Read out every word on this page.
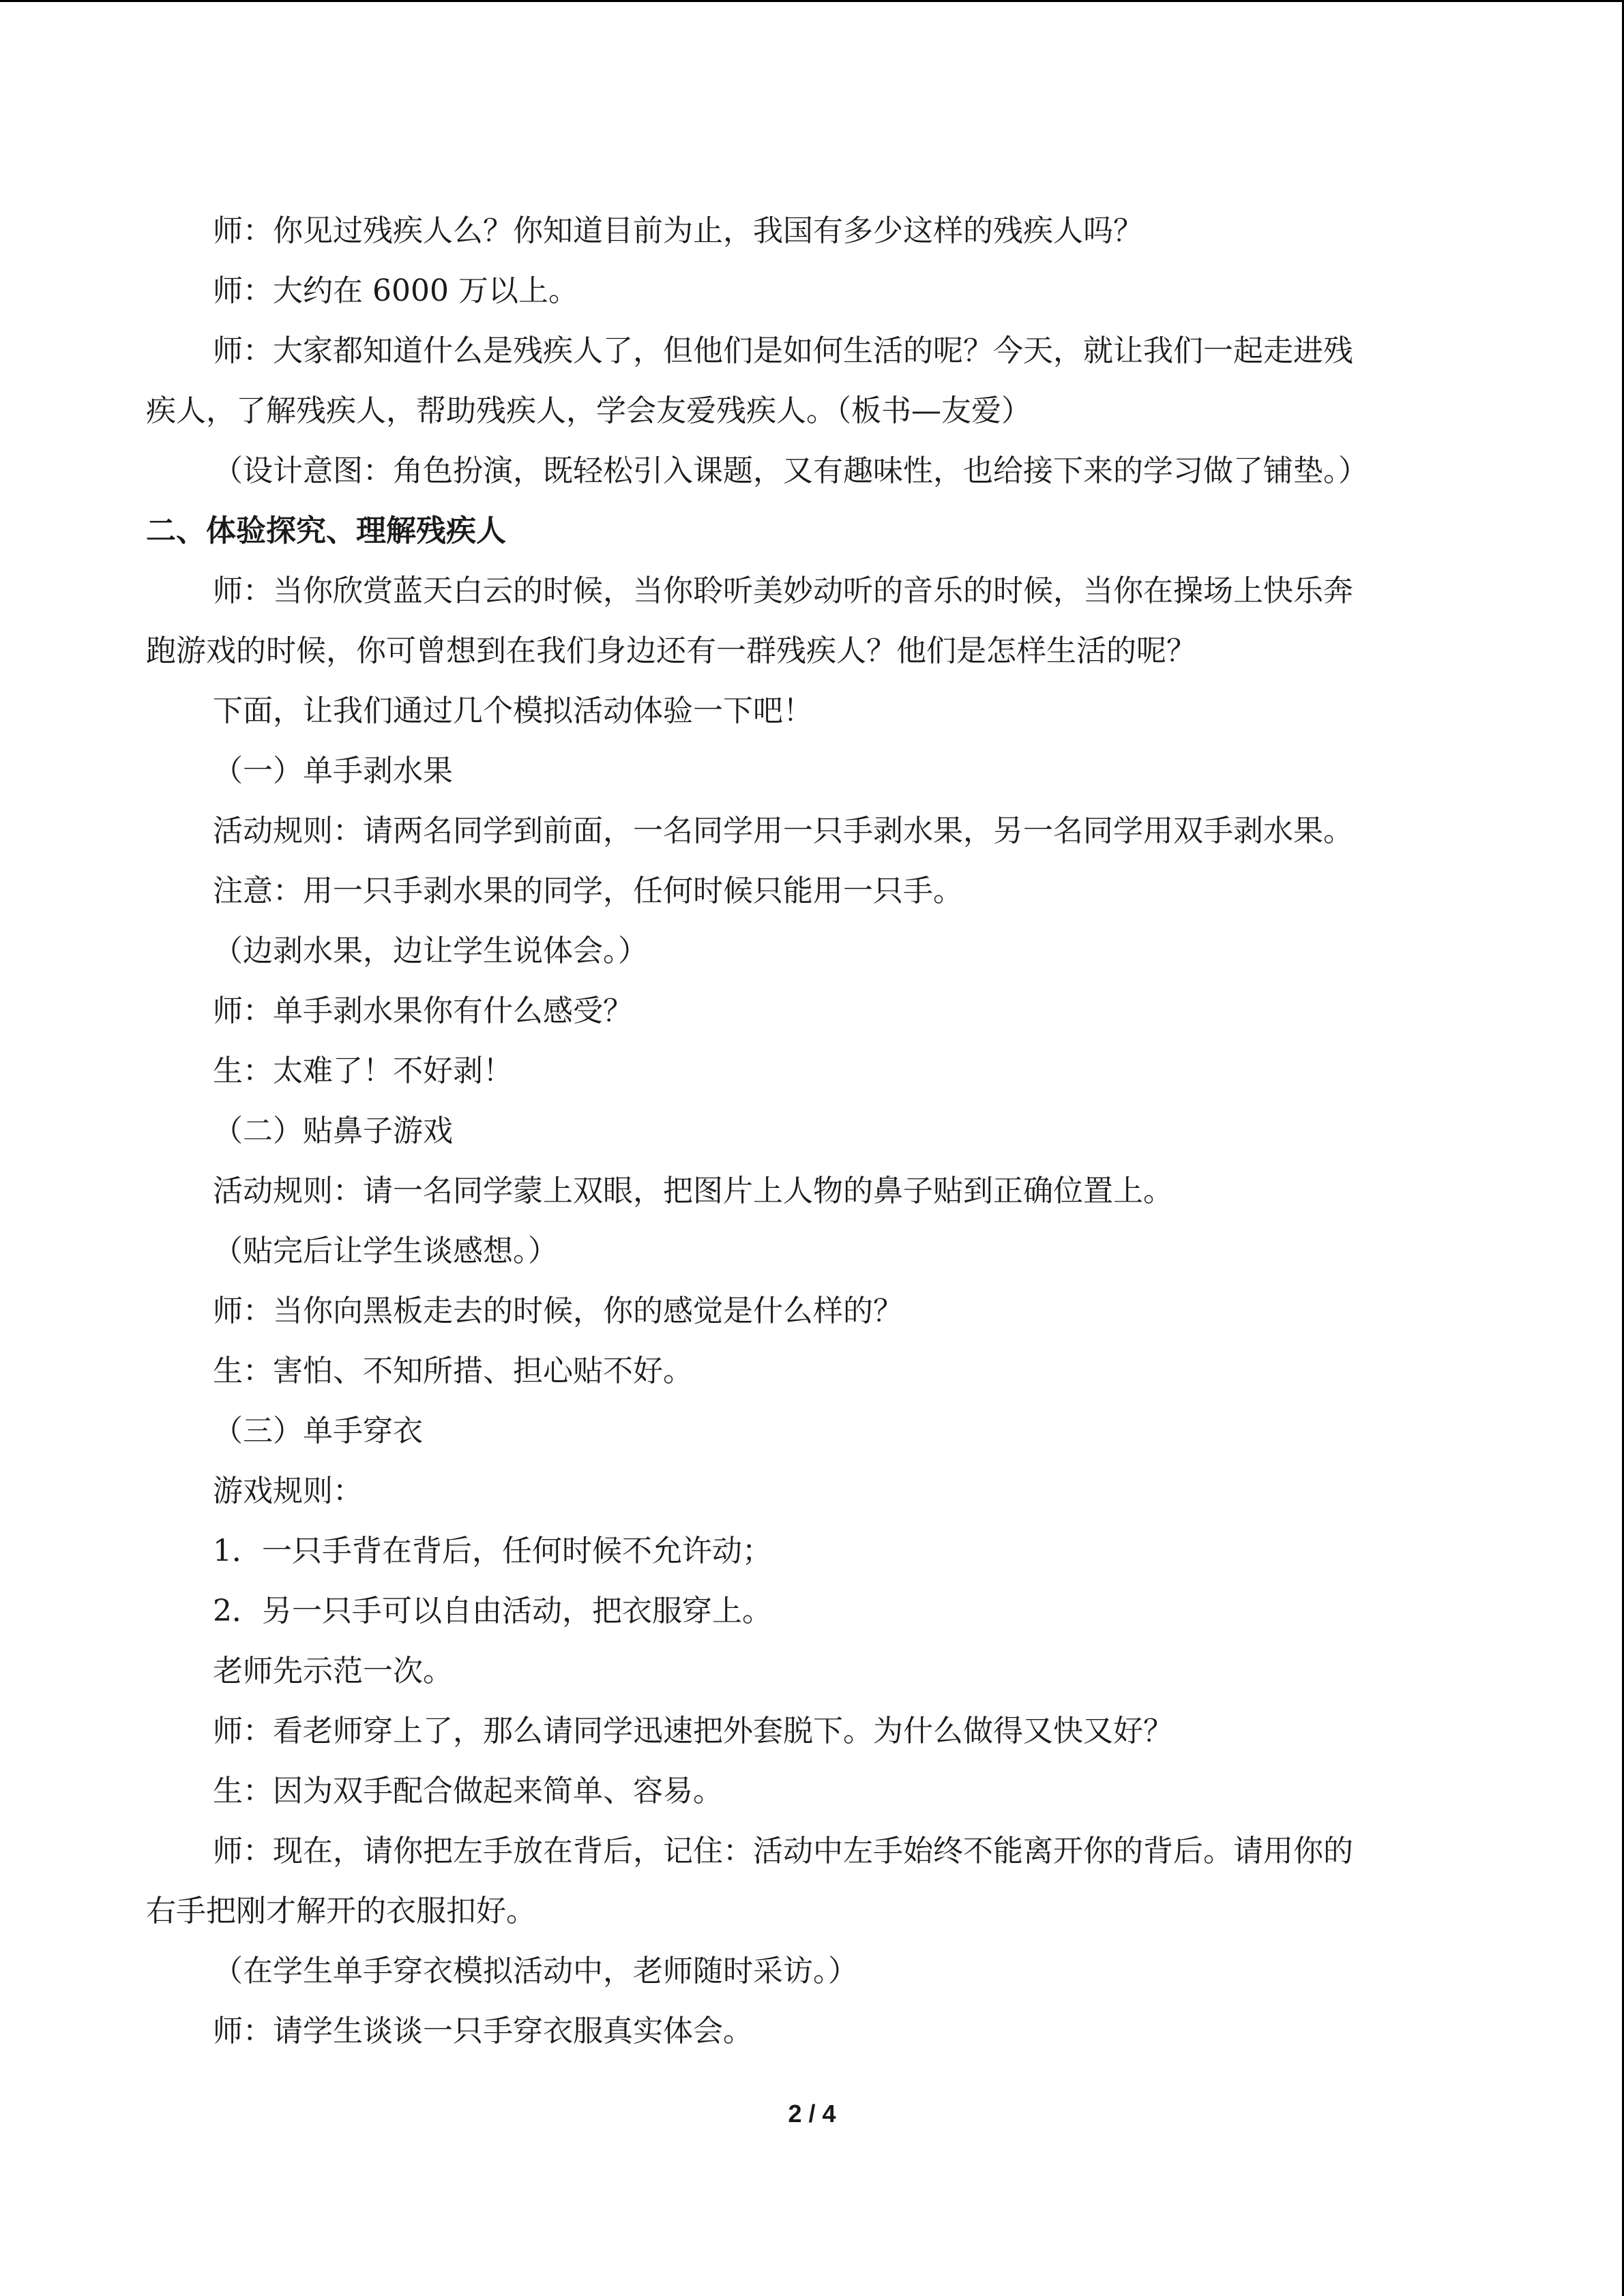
师：你见过残疾人么？你知道目前为止，我国有多少这样的残疾人吗？
师：大约在 6000 万以上。
师：大家都知道什么是残疾人了，但他们是如何生活的呢？今天，就让我们一起走进残
疾人，了解残疾人，帮助残疾人，学会友爱残疾人。（板书—友爱）
（设计意图：角色扮演，既轻松引入课题，又有趣味性，也给接下来的学习做了铺垫。）
二、体验探究、理解残疾人
师：当你欣赏蓝天白云的时候，当你聆听美妙动听的音乐的时候，当你在操场上快乐奔
跑游戏的时候，你可曾想到在我们身边还有一群残疾人？他们是怎样生活的呢？
下面，让我们通过几个模拟活动体验一下吧！
（一）单手剥水果
活动规则：请两名同学到前面，一名同学用一只手剥水果，另一名同学用双手剥水果。
注意：用一只手剥水果的同学，任何时候只能用一只手。
（边剥水果，边让学生说体会。）
师：单手剥水果你有什么感受？
生：太难了！不好剥！
（二）贴鼻子游戏
活动规则：请一名同学蒙上双眼，把图片上人物的鼻子贴到正确位置上。
（贴完后让学生谈感想。）
师：当你向黑板走去的时候，你的感觉是什么样的？
生：害怕、不知所措、担心贴不好。
（三）单手穿衣
游戏规则：
1．一只手背在背后，任何时候不允许动；
2．另一只手可以自由活动，把衣服穿上。
老师先示范一次。
师：看老师穿上了，那么请同学迅速把外套脱下。为什么做得又快又好？
生：因为双手配合做起来简单、容易。
师：现在，请你把左手放在背后，记住：活动中左手始终不能离开你的背后。请用你的
右手把刚才解开的衣服扣好。
（在学生单手穿衣模拟活动中，老师随时采访。）
师：请学生谈谈一只手穿衣服真实体会。
2 / 4
